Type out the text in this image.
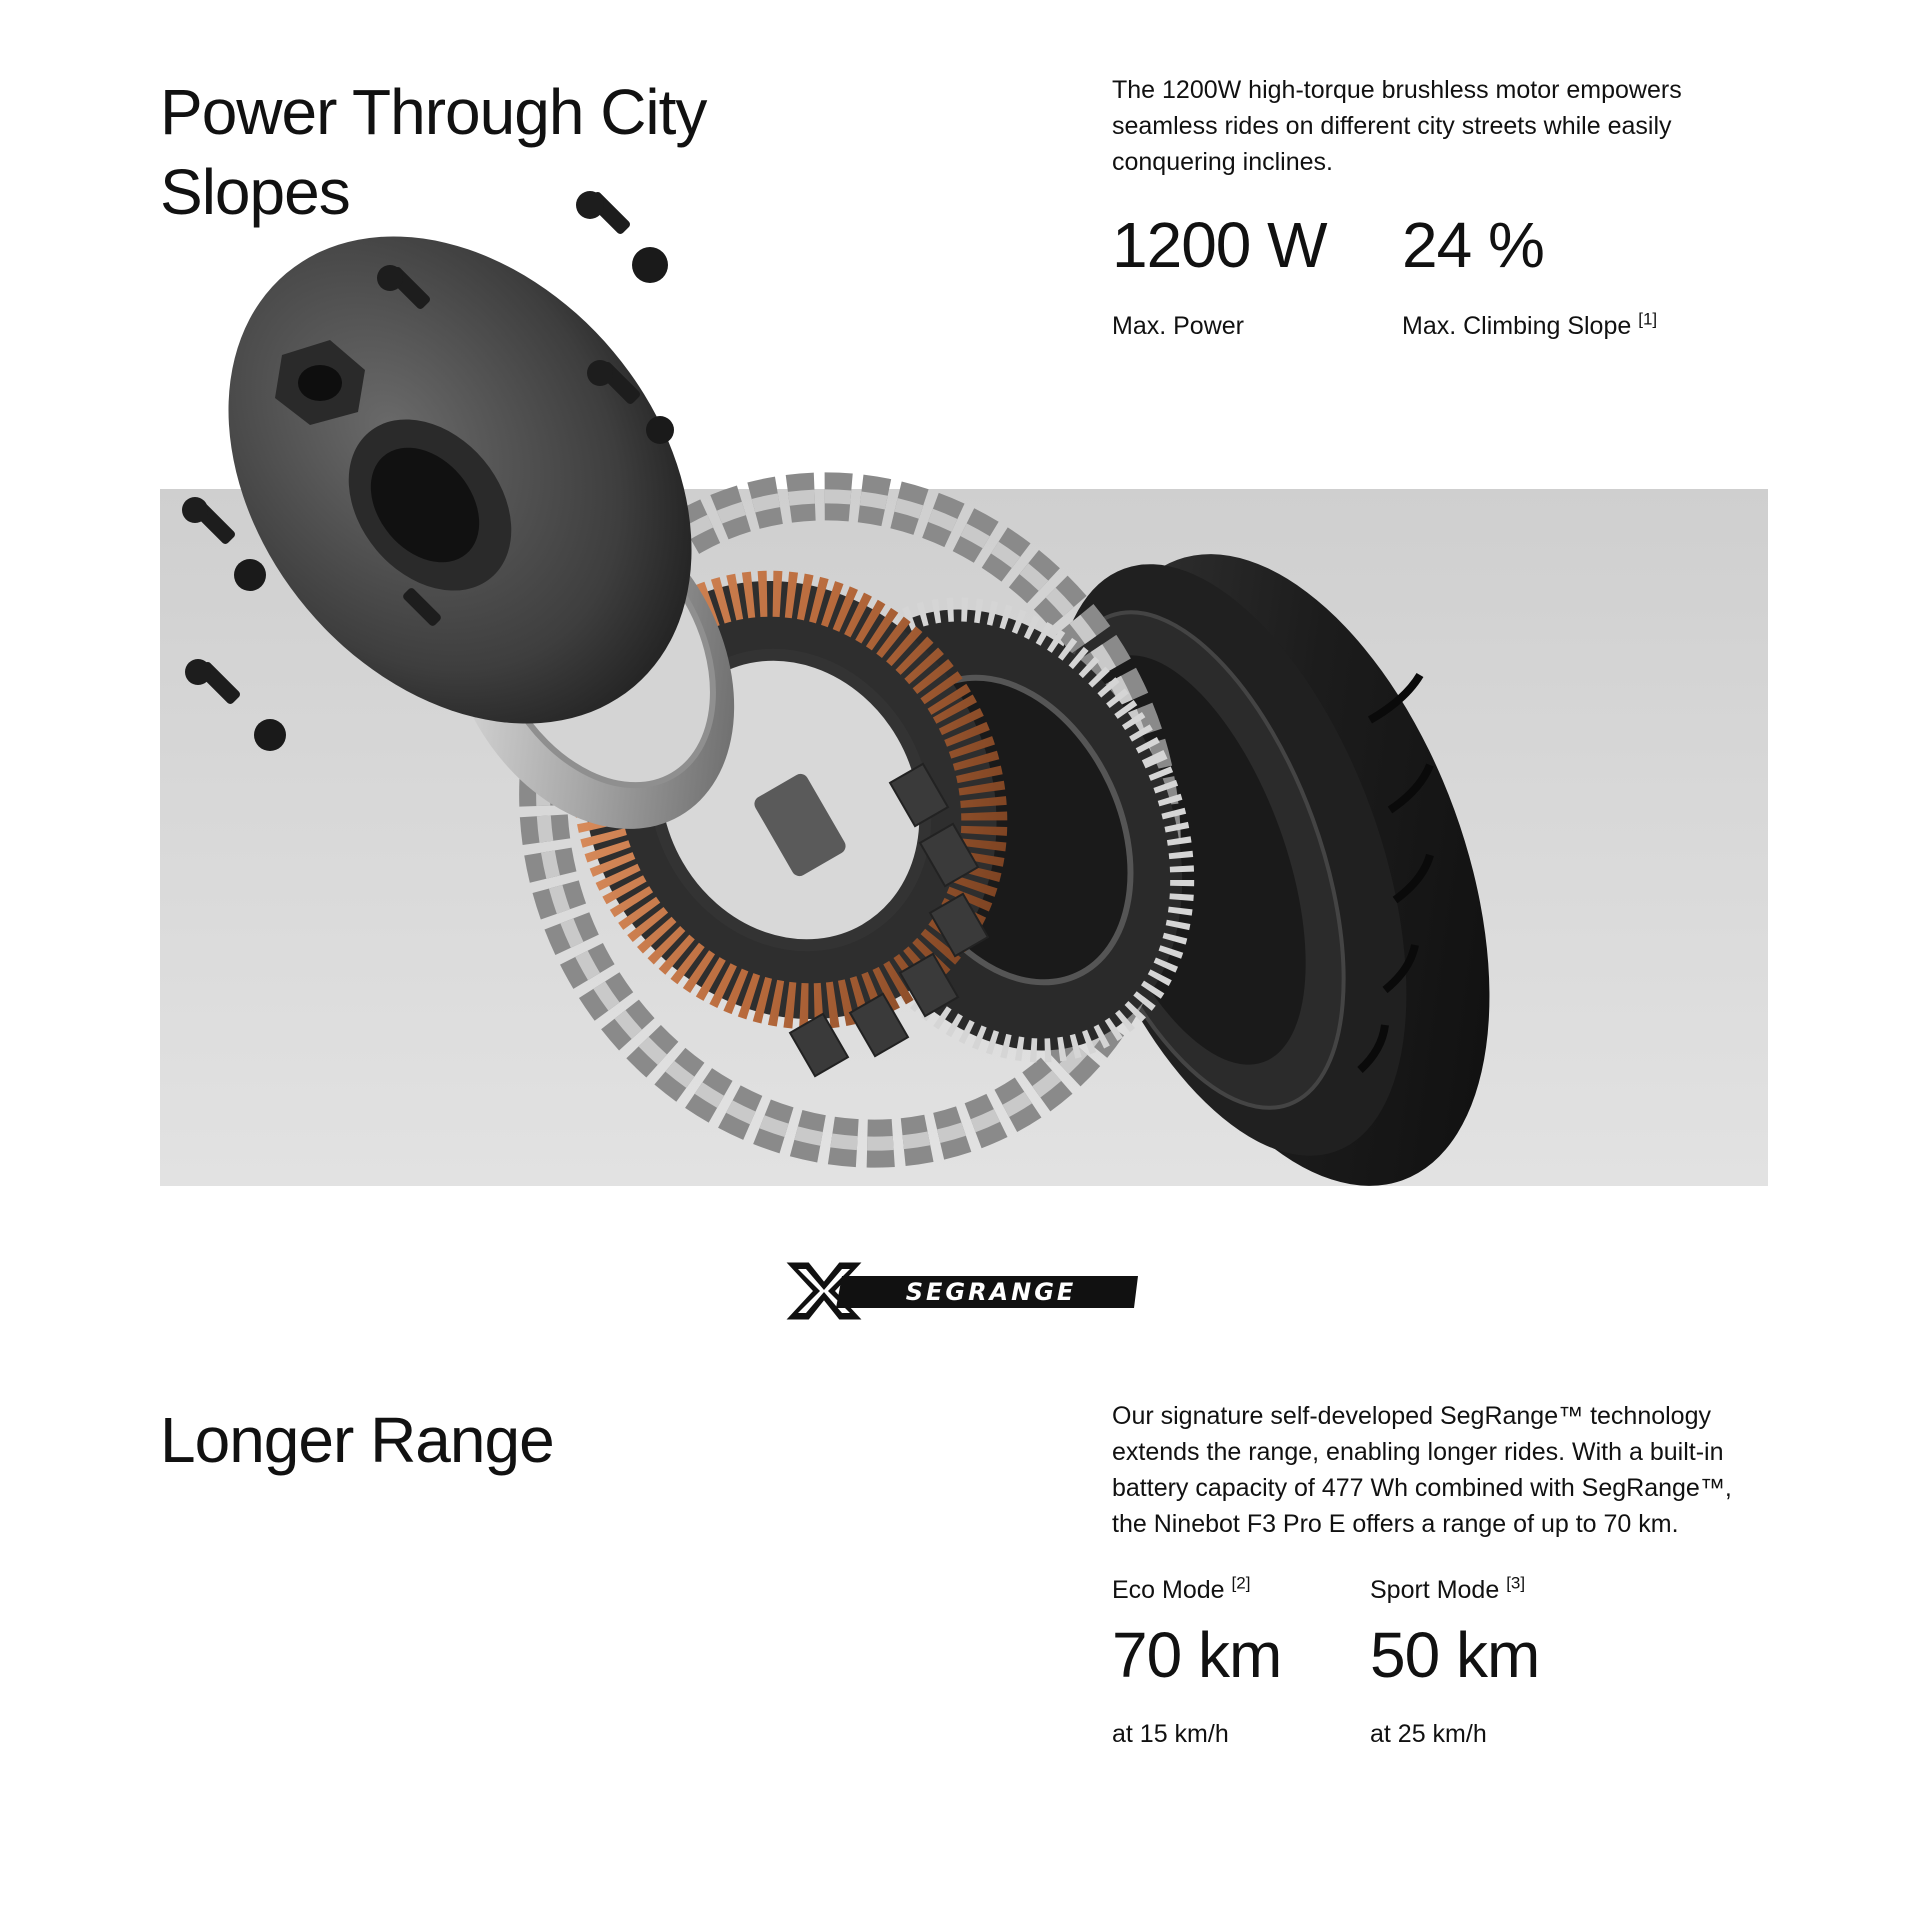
Power Through City Slopes

The 1200W high-torque brushless motor empowers seamless rides on different city streets while easily conquering inclines.

1200 W
Max. Power
24 %
Max. Climbing Slope [1]
SEGRANGE
Longer Range	Our signature self-developed SegRange™ technology extends the range, enabling longer rides. With a built-in battery capacity of 477 Wh combined with SegRange™, the Ninebot F3 Pro E offers a range of up to 70 km.

Eco Mode [2]
70 km
at 15 km/h
Sport Mode [3]
50 km
at 25 km/h
